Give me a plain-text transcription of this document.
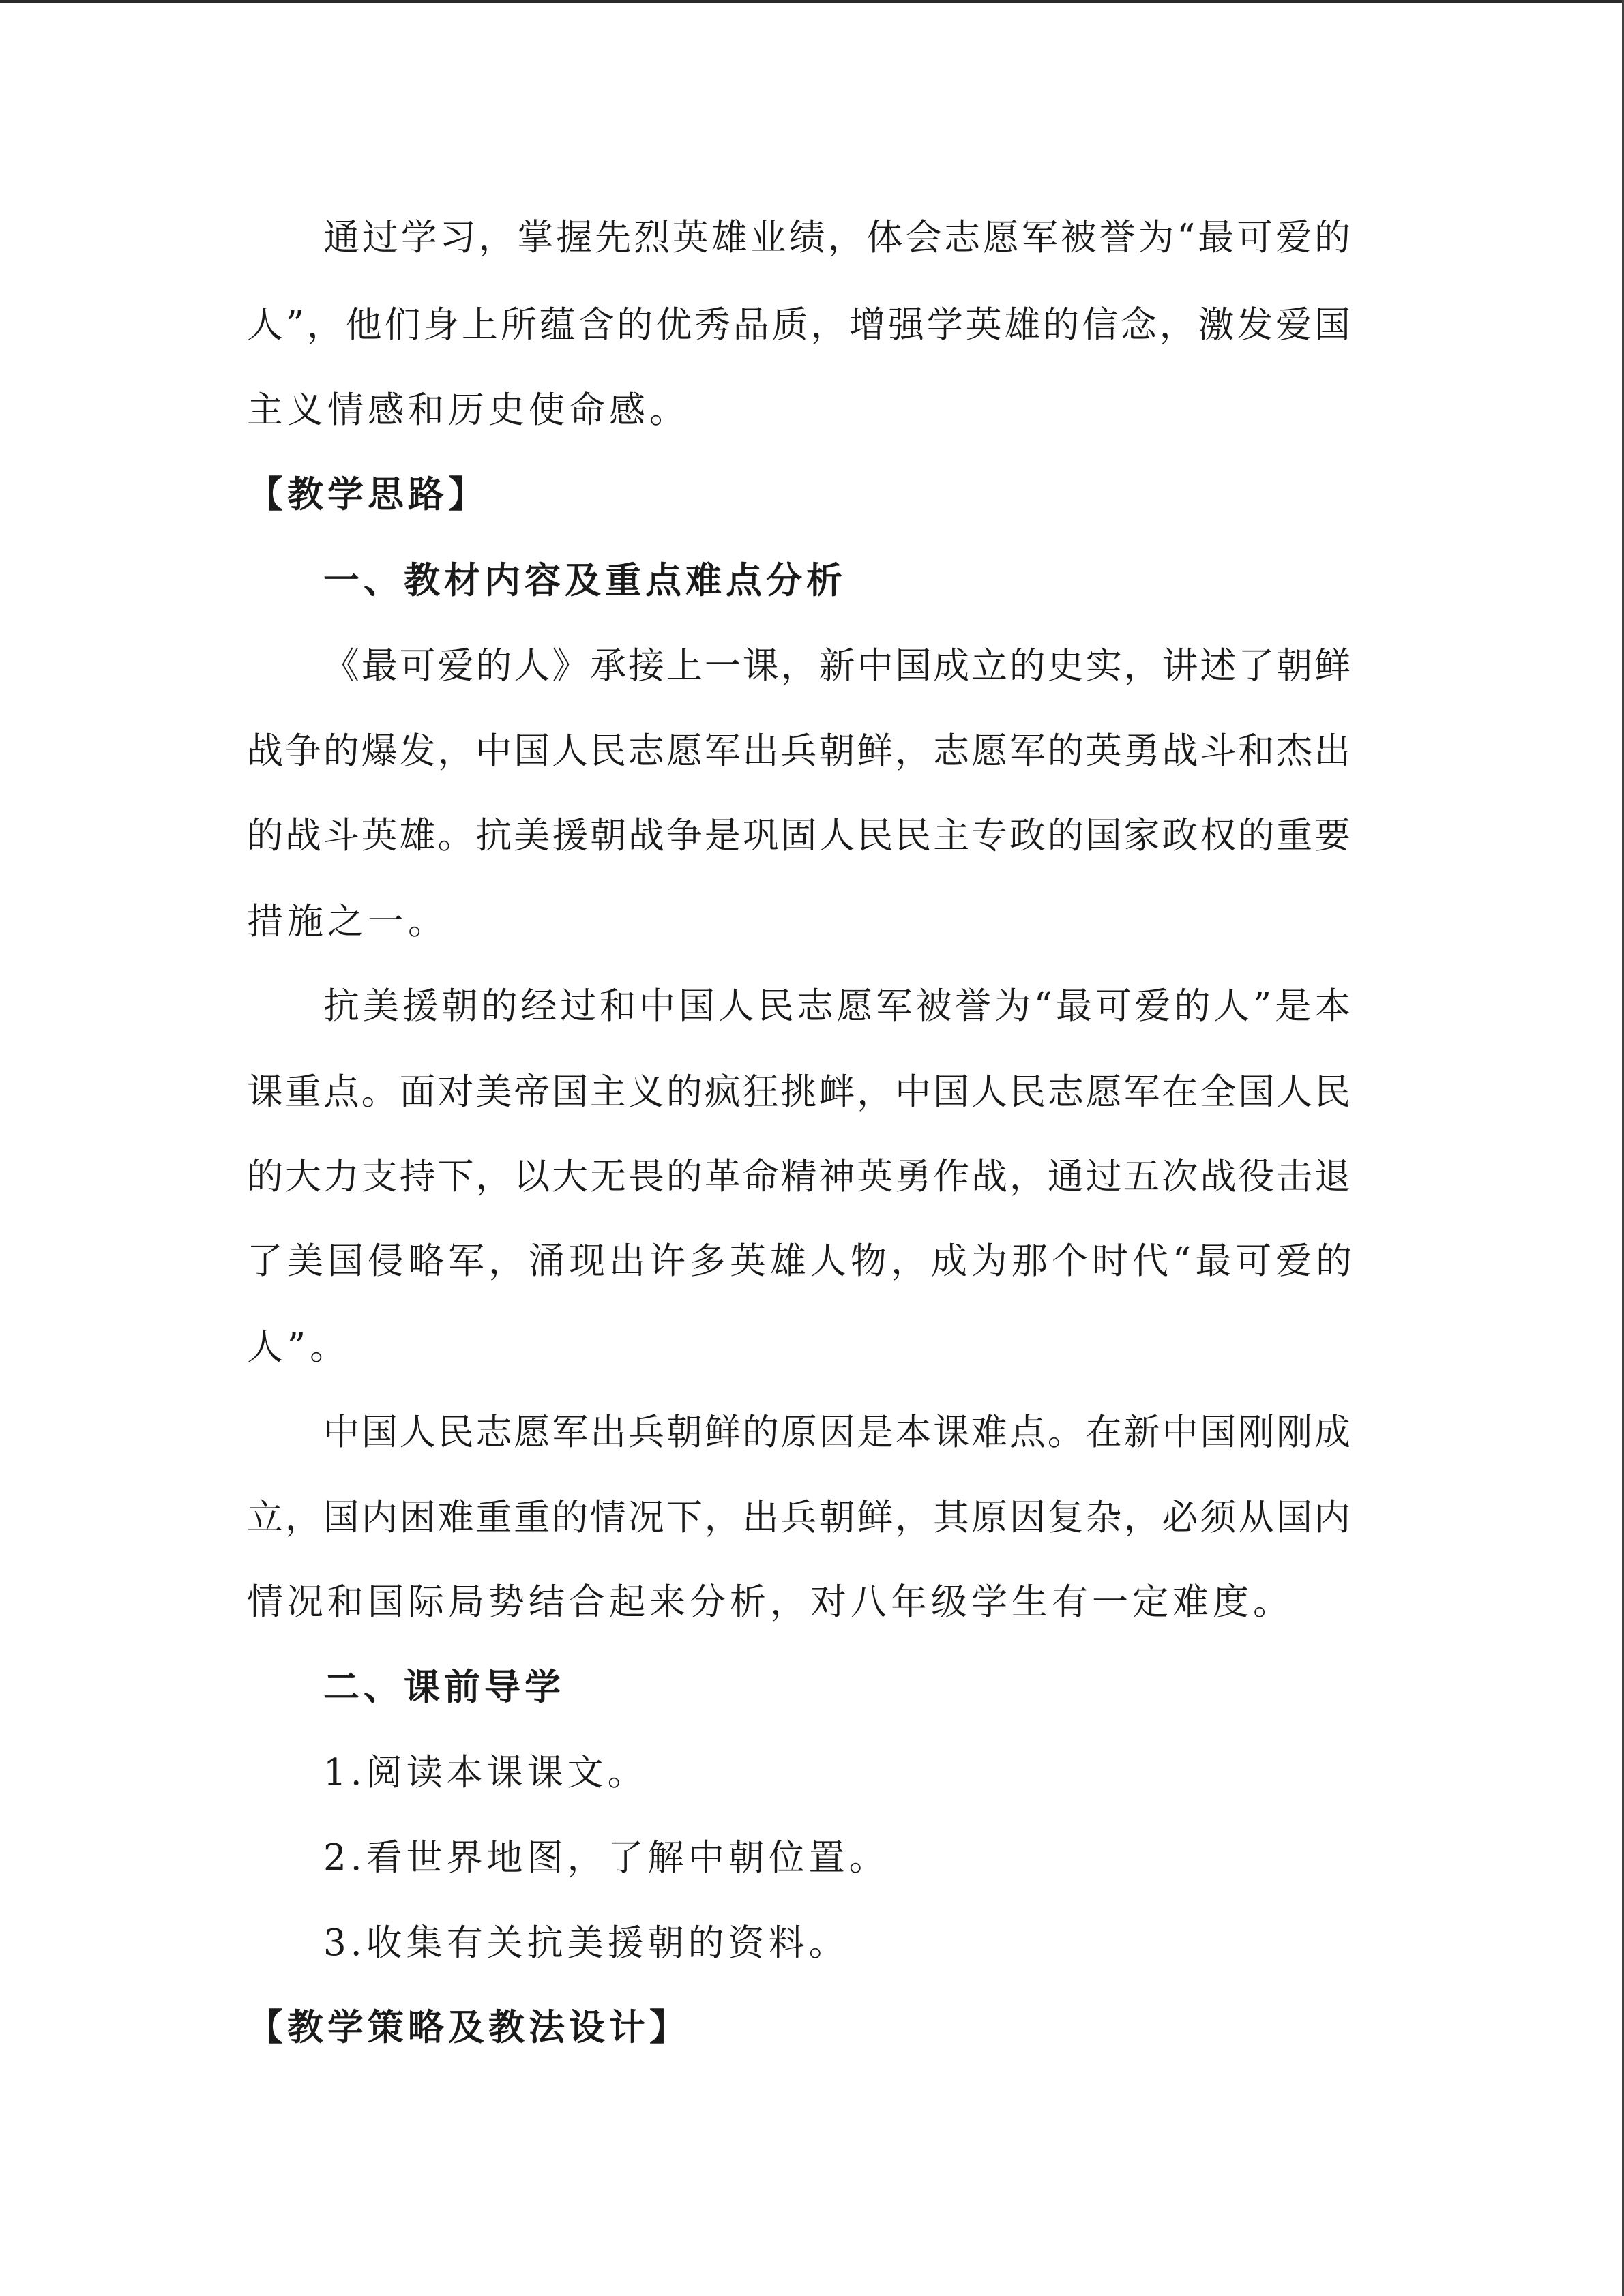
通过学习，掌握先烈英雄业绩，体会志愿军被誉为“最可爱的
人”，他们身上所蕴含的优秀品质，增强学英雄的信念，激发爱国
主义情感和历史使命感。
【教学思路】
一、教材内容及重点难点分析
《最可爱的人》承接上一课，新中国成立的史实，讲述了朝鲜
战争的爆发，中国人民志愿军出兵朝鲜，志愿军的英勇战斗和杰出
的战斗英雄。抗美援朝战争是巩固人民民主专政的国家政权的重要
措施之一。
抗美援朝的经过和中国人民志愿军被誉为“最可爱的人”是本
课重点。面对美帝国主义的疯狂挑衅，中国人民志愿军在全国人民
的大力支持下，以大无畏的革命精神英勇作战，通过五次战役击退
了美国侵略军，涌现出许多英雄人物，成为那个时代“最可爱的
人”。
中国人民志愿军出兵朝鲜的原因是本课难点。在新中国刚刚成
立，国内困难重重的情况下，出兵朝鲜，其原因复杂，必须从国内
情况和国际局势结合起来分析，对八年级学生有一定难度。
二、课前导学
1.阅读本课课文。
2.看世界地图，了解中朝位置。
3.收集有关抗美援朝的资料。
【教学策略及教法设计】
